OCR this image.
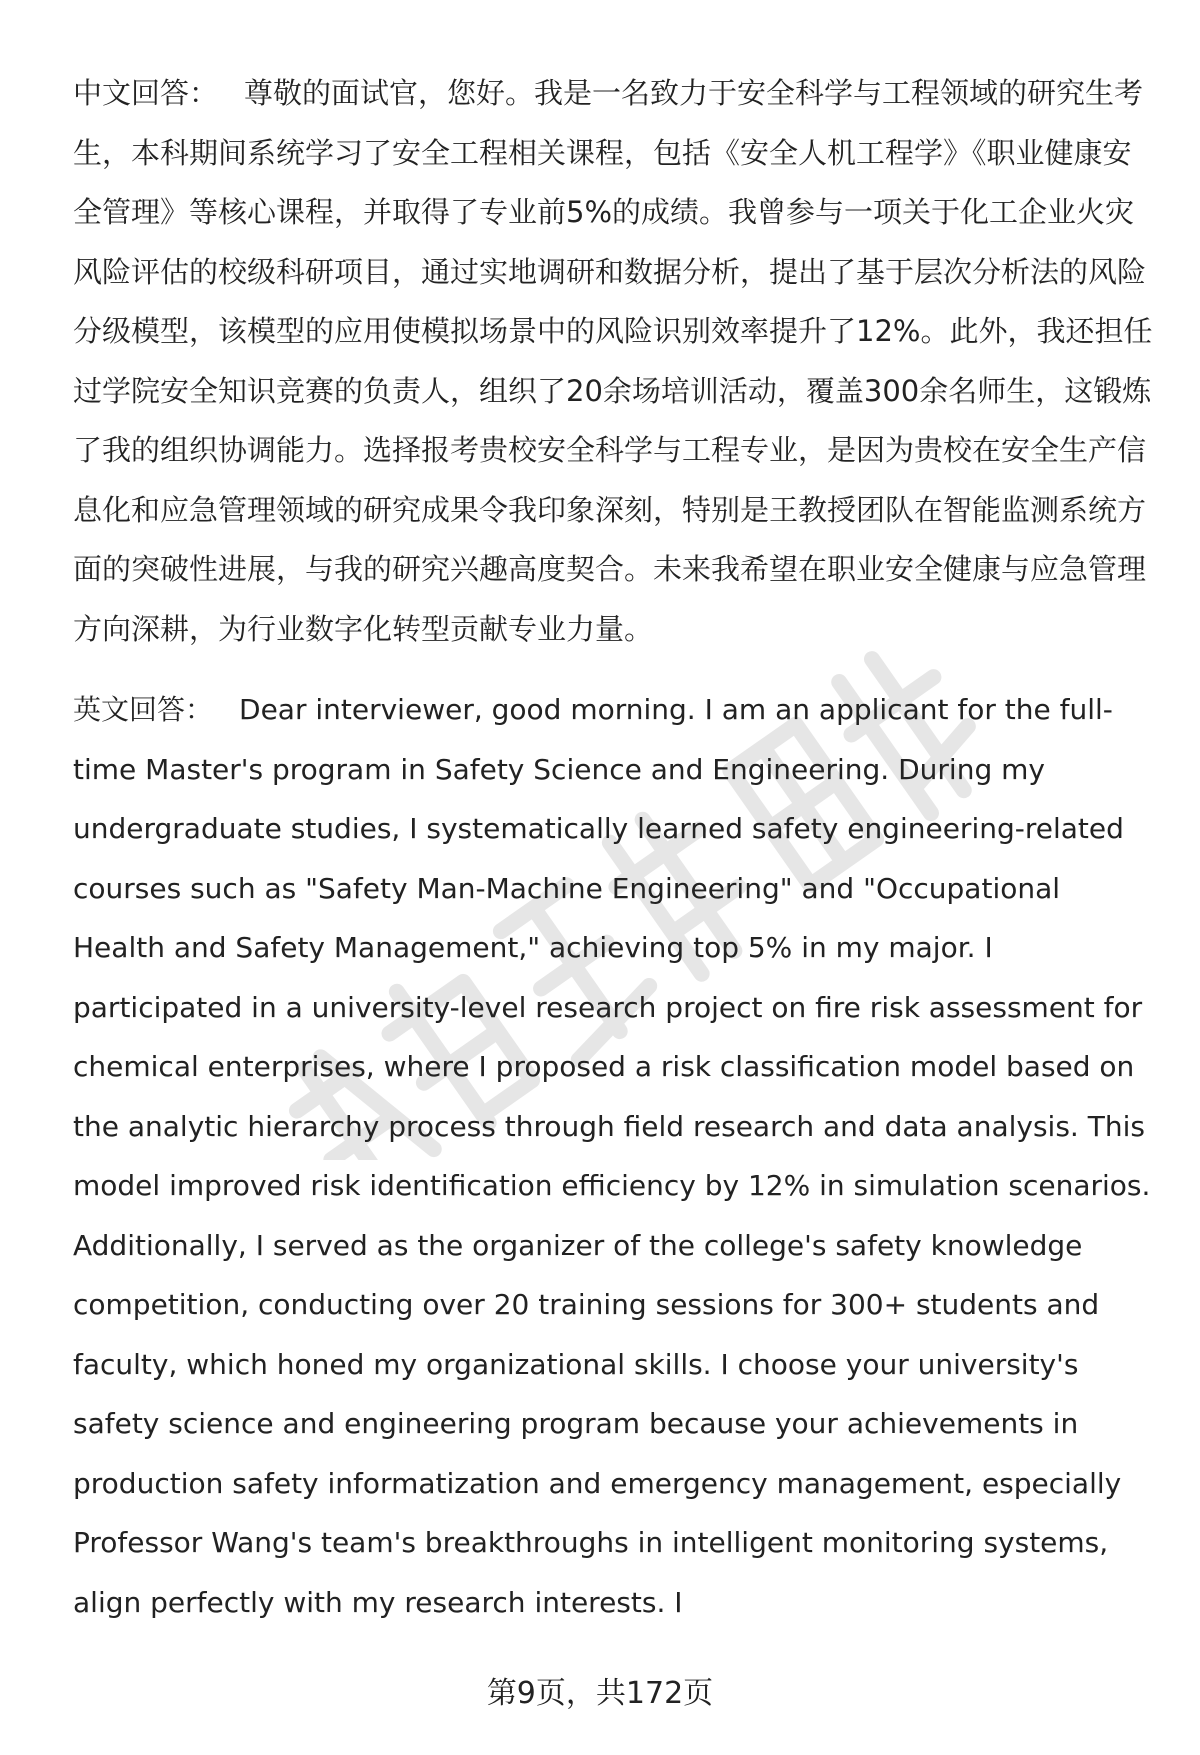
中文回答： 尊敬的面试官，您好。我是一名致力于安全科学与工程领域的研究生考生，本科期间系统学习了安全工程相关课程，包括《安全人机工程学》《职业健康安全管理》等核心课程，并取得了专业前5%的成绩。我曾参与一项关于化工企业火灾风险评估的校级科研项目，通过实地调研和数据分析，提出了基于层次分析法的风险分级模型，该模型的应用使模拟场景中的风险识别效率提升了12%。此外，我还担任过学院安全知识竞赛的负责人，组织了20余场培训活动，覆盖300余名师生，这锻炼了我的组织协调能力。选择报考贵校安全科学与工程专业，是因为贵校在安全生产信息化和应急管理领域的研究成果令我印象深刻，特别是王教授团队在智能监测系统方面的突破性进展，与我的研究兴趣高度契合。未来我希望在职业安全健康与应急管理方向深耕，为行业数字化转型贡献专业力量。

英文回答： Dear interviewer, good morning. I am an applicant for the full-time Master's program in Safety Science and Engineering. During my undergraduate studies, I systematically learned safety engineering-related courses such as "Safety Man-Machine Engineering" and "Occupational Health and Safety Management," achieving top 5% in my major. I participated in a university-level research project on fire risk assessment for chemical enterprises, where I proposed a risk classification model based on the analytic hierarchy process through field research and data analysis. This model improved risk identification efficiency by 12% in simulation scenarios. Additionally, I served as the organizer of the college's safety knowledge competition, conducting over 20 training sessions for 300+ students and faculty, which honed my organizational skills. I choose your university's safety science and engineering program because your achievements in production safety informatization and emergency management, especially Professor Wang's team's breakthroughs in intelligent monitoring systems, align perfectly with my research interests. I

第9页，共172页
